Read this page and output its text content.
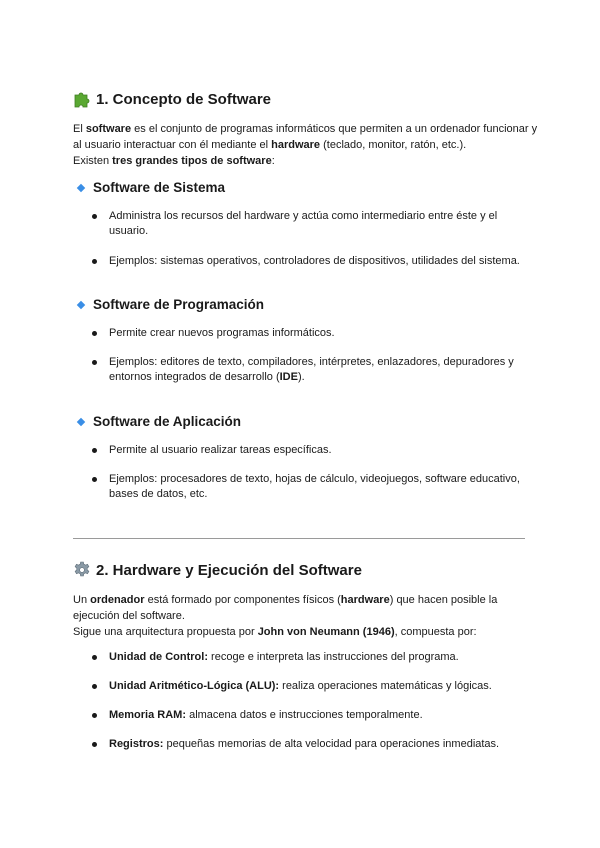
1. Concepto de Software

El software es el conjunto de programas informáticos que permiten a un ordenador funcionar y al usuario interactuar con él mediante el hardware (teclado, monitor, ratón, etc.).

Existen tres grandes tipos de software:

Software de Sistema
Administra los recursos del hardware y actúa como intermediario entre éste y el usuario.
Ejemplos: sistemas operativos, controladores de dispositivos, utilidades del sistema.
Software de Programación
Permite crear nuevos programas informáticos.
Ejemplos: editores de texto, compiladores, intérpretes, enlazadores, depuradores y entornos integrados de desarrollo (IDE).
Software de Aplicación
Permite al usuario realizar tareas específicas.
Ejemplos: procesadores de texto, hojas de cálculo, videojuegos, software educativo, bases de datos, etc.
2. Hardware y Ejecución del Software

Un ordenador está formado por componentes físicos (hardware) que hacen posible la ejecución del software.

Sigue una arquitectura propuesta por John von Neumann (1946), compuesta por:

Unidad de Control: recoge e interpreta las instrucciones del programa.
Unidad Aritmético-Lógica (ALU): realiza operaciones matemáticas y lógicas.
Memoria RAM: almacena datos e instrucciones temporalmente.
Registros: pequeñas memorias de alta velocidad para operaciones inmediatas.
